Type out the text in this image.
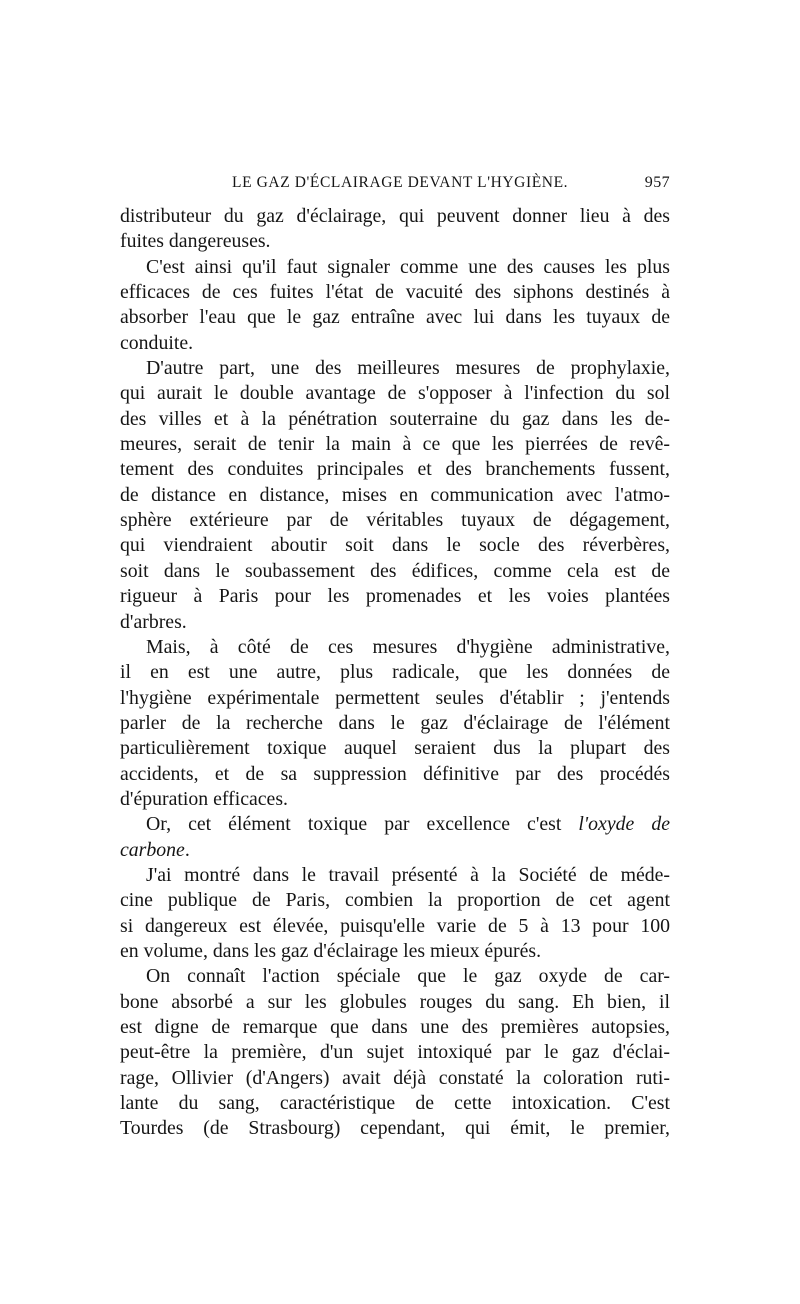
LE GAZ D'ÉCLAIRAGE DEVANT L'HYGIÈNE.	957
distributeur du gaz d'éclairage, qui peuvent donner lieu à des
fuites dangereuses.
C'est ainsi qu'il faut signaler comme une des causes les plus
efficaces de ces fuites l'état de vacuité des siphons destinés à
absorber l'eau que le gaz entraîne avec lui dans les tuyaux de
conduite.
D'autre part, une des meilleures mesures de prophylaxie,
qui aurait le double avantage de s'opposer à l'infection du sol
des villes et à la pénétration souterraine du gaz dans les de-
meures, serait de tenir la main à ce que les pierrées de revê-
tement des conduites principales et des branchements fussent,
de distance en distance, mises en communication avec l'atmo-
sphère extérieure par de véritables tuyaux de dégagement,
qui viendraient aboutir soit dans le socle des réverbères,
soit dans le soubassement des édifices, comme cela est de
rigueur à Paris pour les promenades et les voies plantées
d'arbres.
Mais, à côté de ces mesures d'hygiène administrative,
il en est une autre, plus radicale, que les données de
l'hygiène expérimentale permettent seules d'établir ; j'entends
parler de la recherche dans le gaz d'éclairage de l'élément
particulièrement toxique auquel seraient dus la plupart des
accidents, et de sa suppression définitive par des procédés
d'épuration efficaces.
Or, cet élément toxique par excellence c'est l'oxyde de
carbone.
J'ai montré dans le travail présenté à la Société de méde-
cine publique de Paris, combien la proportion de cet agent
si dangereux est élevée, puisqu'elle varie de 5 à 13 pour 100
en volume, dans les gaz d'éclairage les mieux épurés.
On connaît l'action spéciale que le gaz oxyde de car-
bone absorbé a sur les globules rouges du sang. Eh bien, il
est digne de remarque que dans une des premières autopsies,
peut-être la première, d'un sujet intoxiqué par le gaz d'éclai-
rage, Ollivier (d'Angers) avait déjà constaté la coloration ruti-
lante du sang, caractéristique de cette intoxication. C'est
Tourdes (de Strasbourg) cependant, qui émit, le premier,
